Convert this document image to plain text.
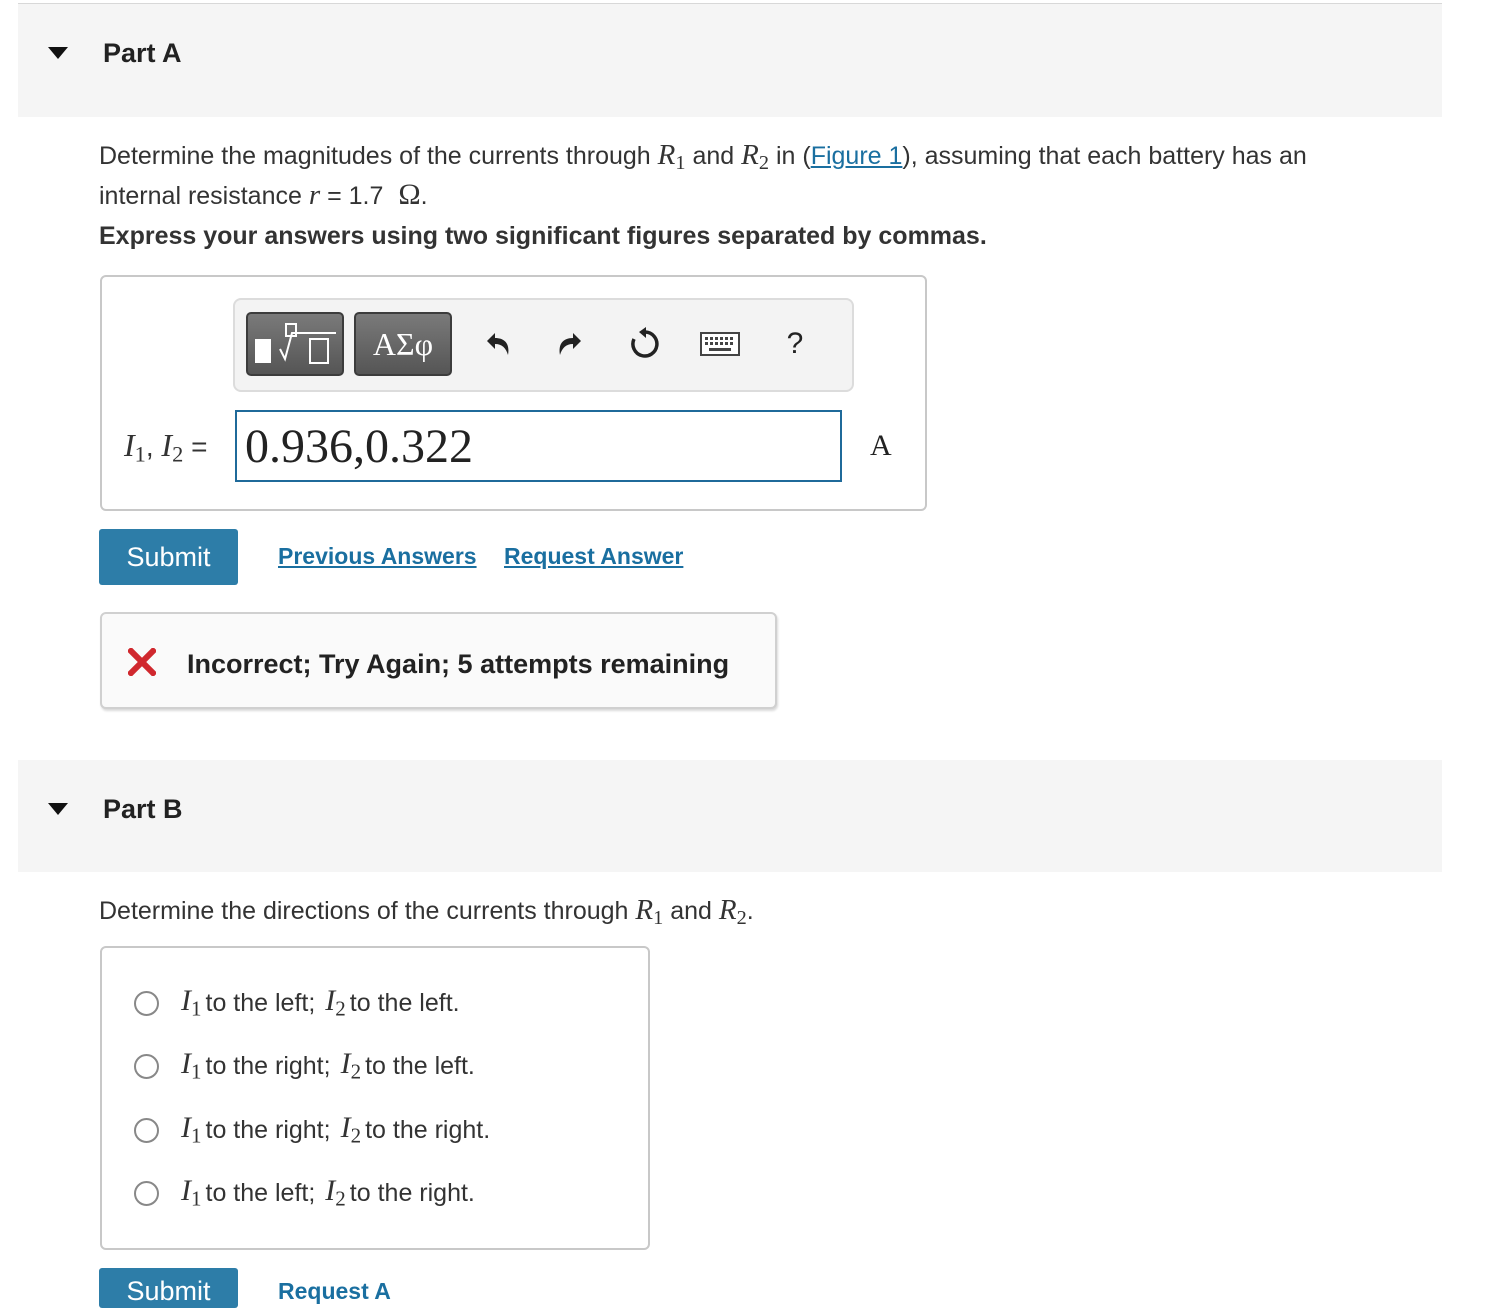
Part A
Determine the magnitudes of the currents through $R_1$ and $R_2$ in (Figure 1), assuming that each battery has an
internal resistance r = 1.7 Ω.
Express your answers using two significant figures separated by commas.
ΑΣφ	?
$I_1$, $I_2 = 0.936,0.322$	A
Submit	Previous Answers Request Answer
Incorrect; Try Again; 5 attempts remaining
Part B
Determine the directions of the currents through $R_1$ and $R_2$.
$I_1$ to the left; $I_2$ to the left.
$I_1$ to the right; $I_2$ to the left.
$I_1$ to the right; $I_2$ to the right.
$I_1$ to the left; $I_2$ to the right.
Submit	Request A
